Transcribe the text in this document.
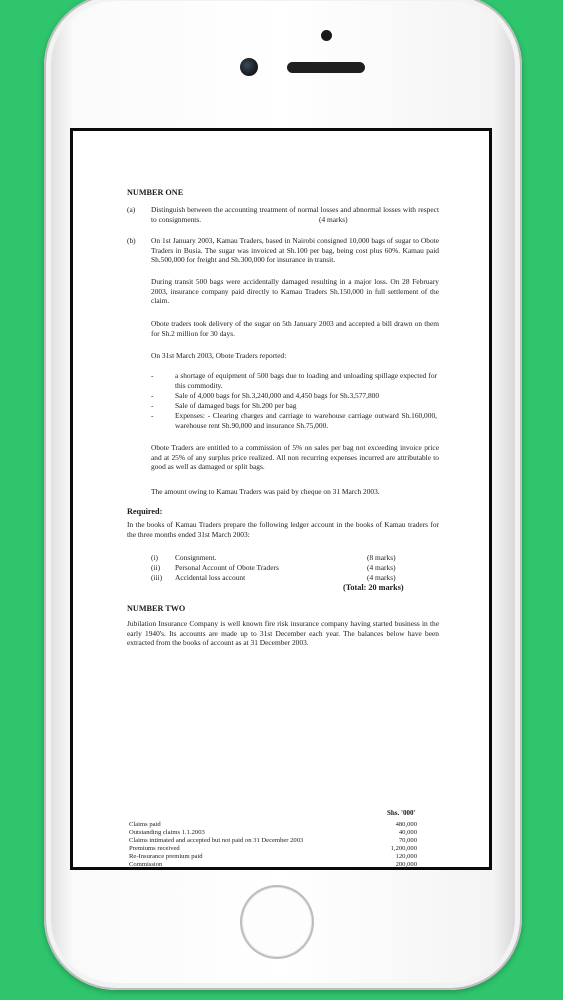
NUMBER ONE
(a) Distinguish between the accounting treatment of normal losses and abnormal losses with respect to consignments.	(4 marks)
(b) On 1st January 2003, Kamau Traders, based in Nairobi consigned 10,000 bags of sugar to Obote Traders in Busia. The sugar was invoiced at Sh.100 per bag, being cost plus 60%. Kamau paid Sh.500,000 for freight and Sh.300,000 for insurance in transit.
During transit 500 bags were accidentally damaged resulting in a major loss. On 28 February 2003, insurance company paid directly to Kamau Traders Sh.150,000 in full settlement of the claim.
Obote traders took delivery of the sugar on 5th January 2003 and accepted a bill drawn on them for Sh.2 million for 30 days.
On 31st March 2003, Obote Traders reported:
-	a shortage of equipment of 500 bags due to loading and unloading spillage expected for this commodity.
-	Sale of 4,000 bags for Sh.3,240,000 and 4,450 bags for Sh.3,577,800
-	Sale of damaged bags for Sh.200 per bag
-	Expenses: - Clearing charges and carriage to warehouse carriage outward Sh.160,000, warehouse rent Sh.90,000 and insurance Sh.75,000.
Obote Traders are entitled to a commission of 5% on sales per bag not exceeding invoice price and at 25% of any surplus price realized. All non recurring expenses incurred are attributable to good as well as damaged or split bags.
The amount owing to Kamau Traders was paid by cheque on 31 March 2003.
Required:
In the books of Kamau Traders prepare the following ledger account in the books of Kamau traders for the three months ended 31st March 2003:
(i) Consignment.	(8 marks)
(ii) Personal Account of Obote Traders	(4 marks)
(iii) Accidental loss account	(4 marks)
(Total: 20 marks)
NUMBER TWO
Jubilation Insurance Company is well known fire risk insurance company having started business in the early 1940's. Its accounts are made up to 31st December each year. The balances below have been extracted from the books of account as at 31 December 2003.
Shs. '000'
Claims paid	480,000
Outstanding claims 1.1.2003	40,000
Claims intimated and accepted but not paid on 31 December 2003	70,000
Premiums received	1,200,000
Re-Insurance premium paid	120,000
Commission	200,000
